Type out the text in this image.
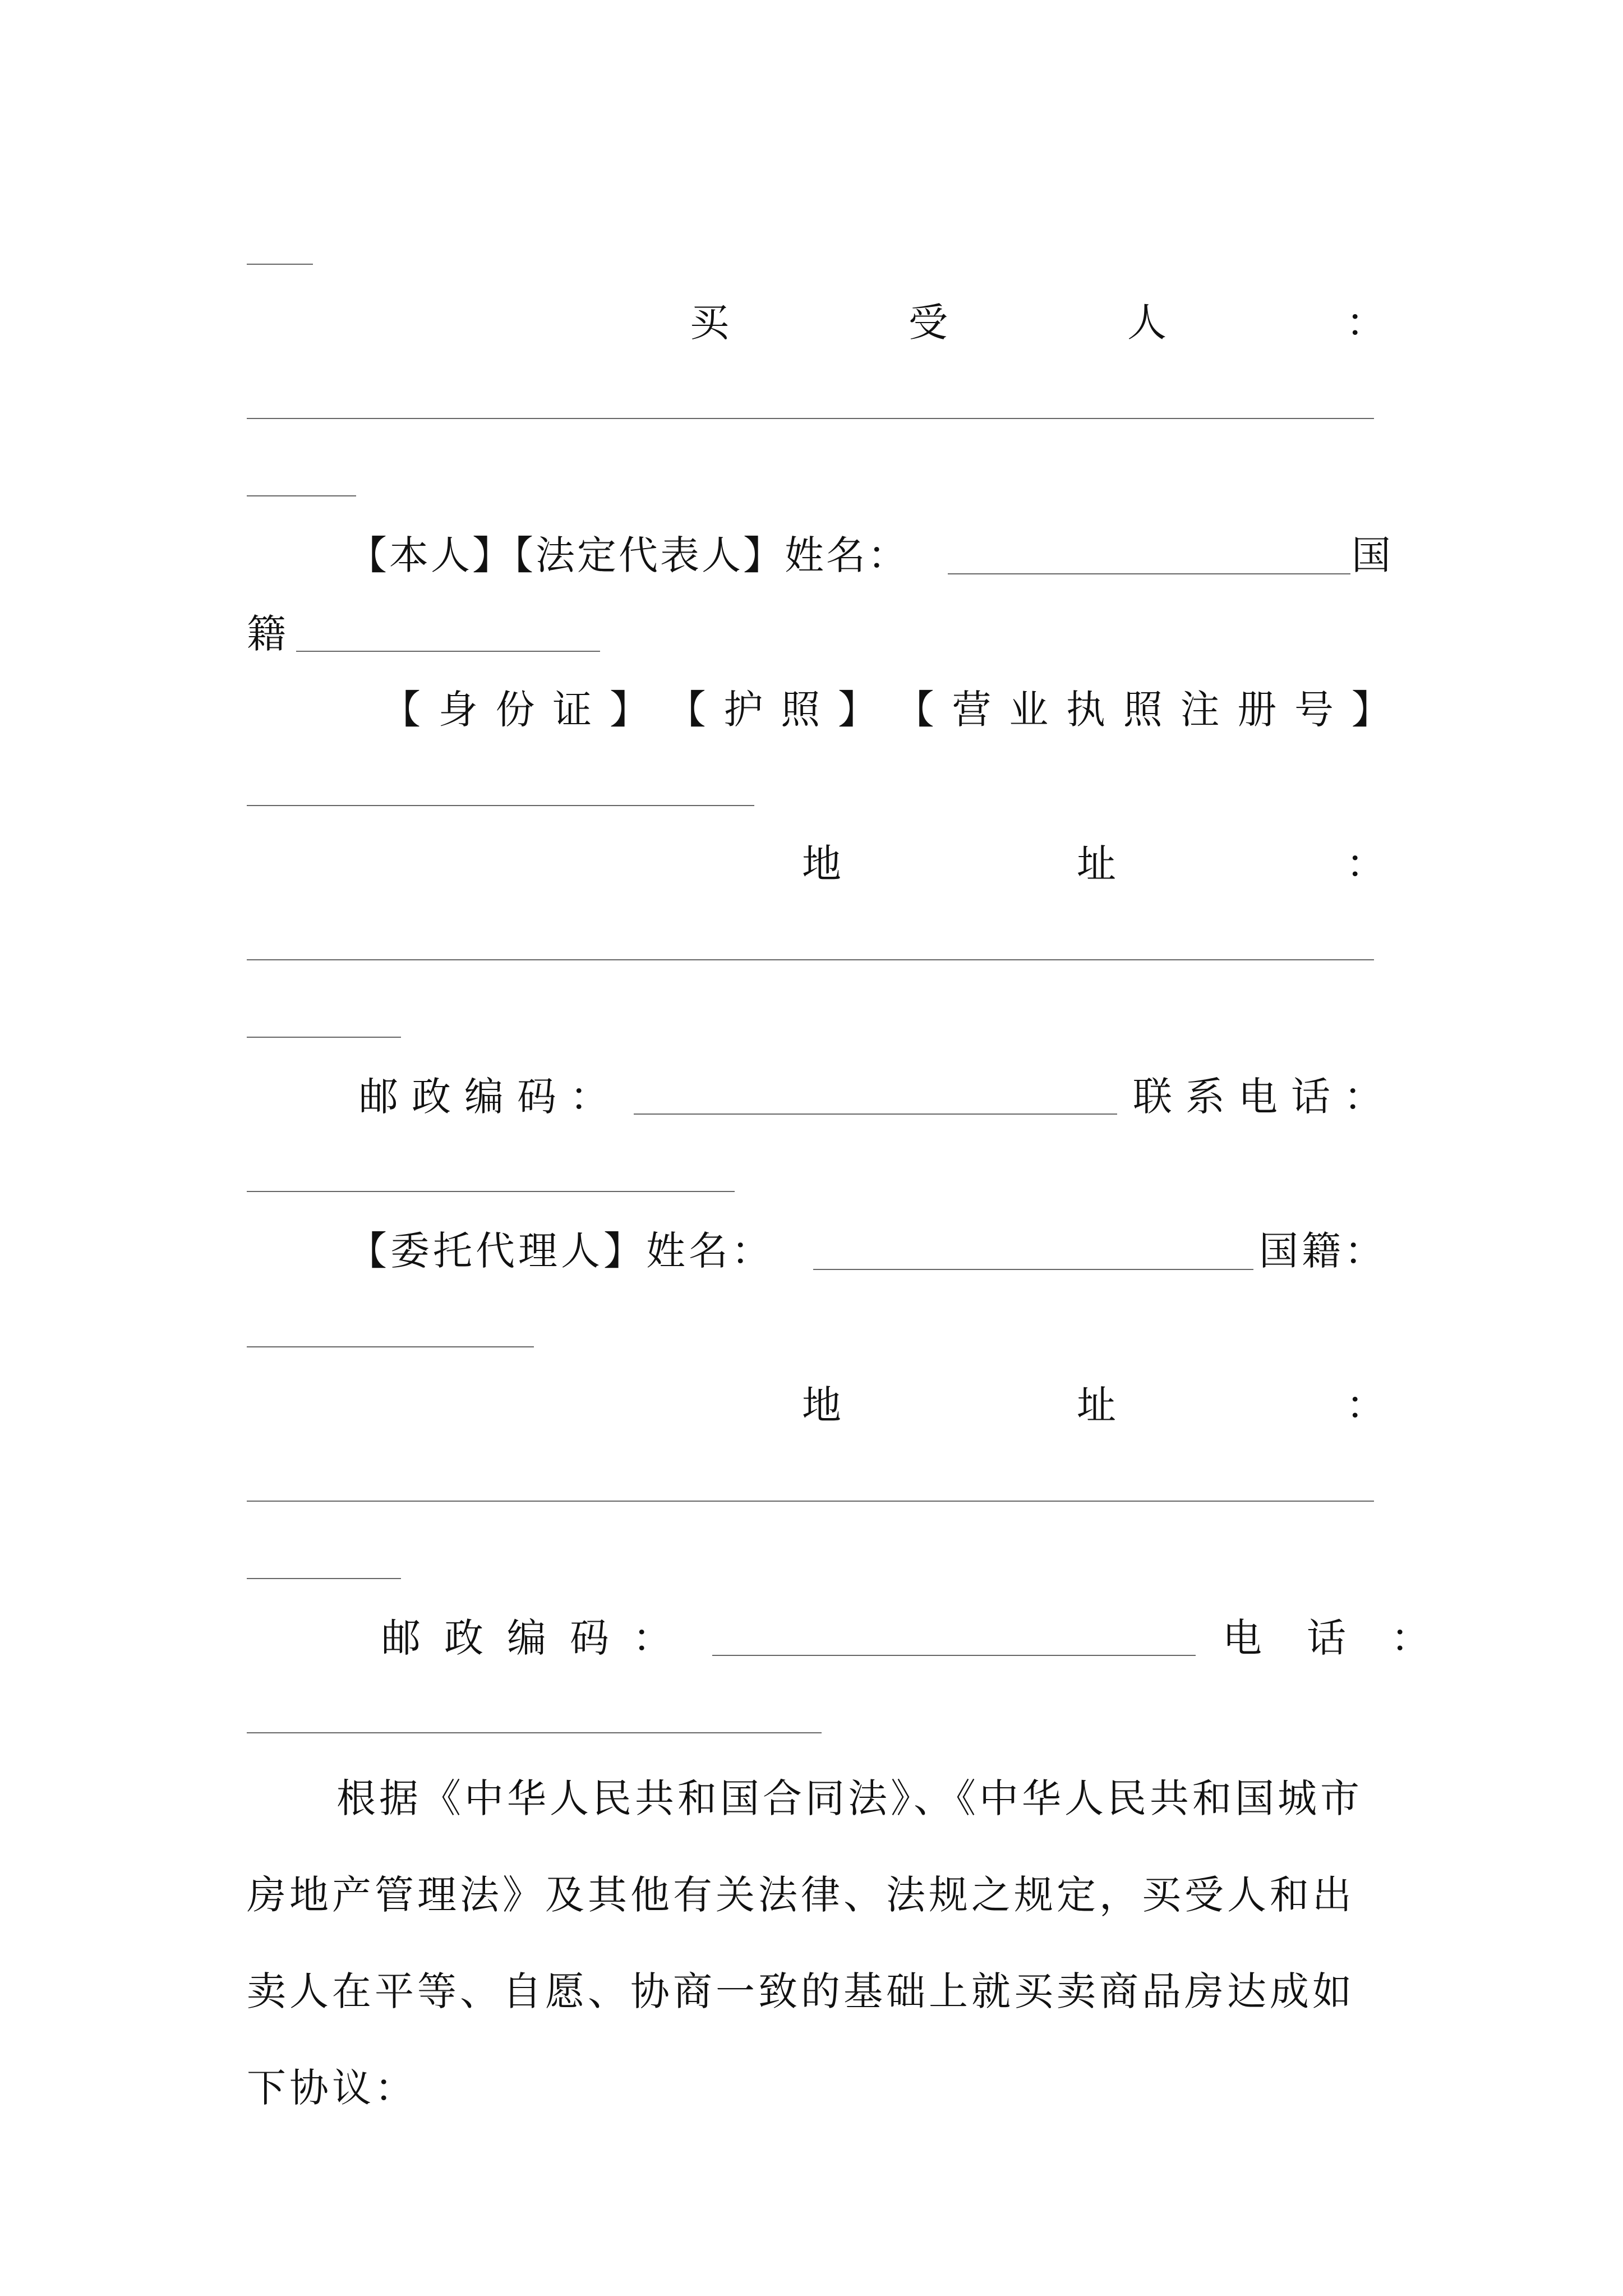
买	受	人	：
【本人】【法定代表人】姓名：	国
籍
【 身 份 证 】 【 护 照 】 【 营 业 执 照 注 册 号 】
地	址	：
邮政编码：	联系电话：
【委托代理人】姓名：	国籍：
地	址	：
邮政编码：	电话：
根据《中华人民共和国合同法》、《中华人民共和国城市房地产管理法》及其他有关法律、法规之规定，买受人和出卖人在平等、自愿、协商一致的基础上就买卖商品房达成如下协议：
